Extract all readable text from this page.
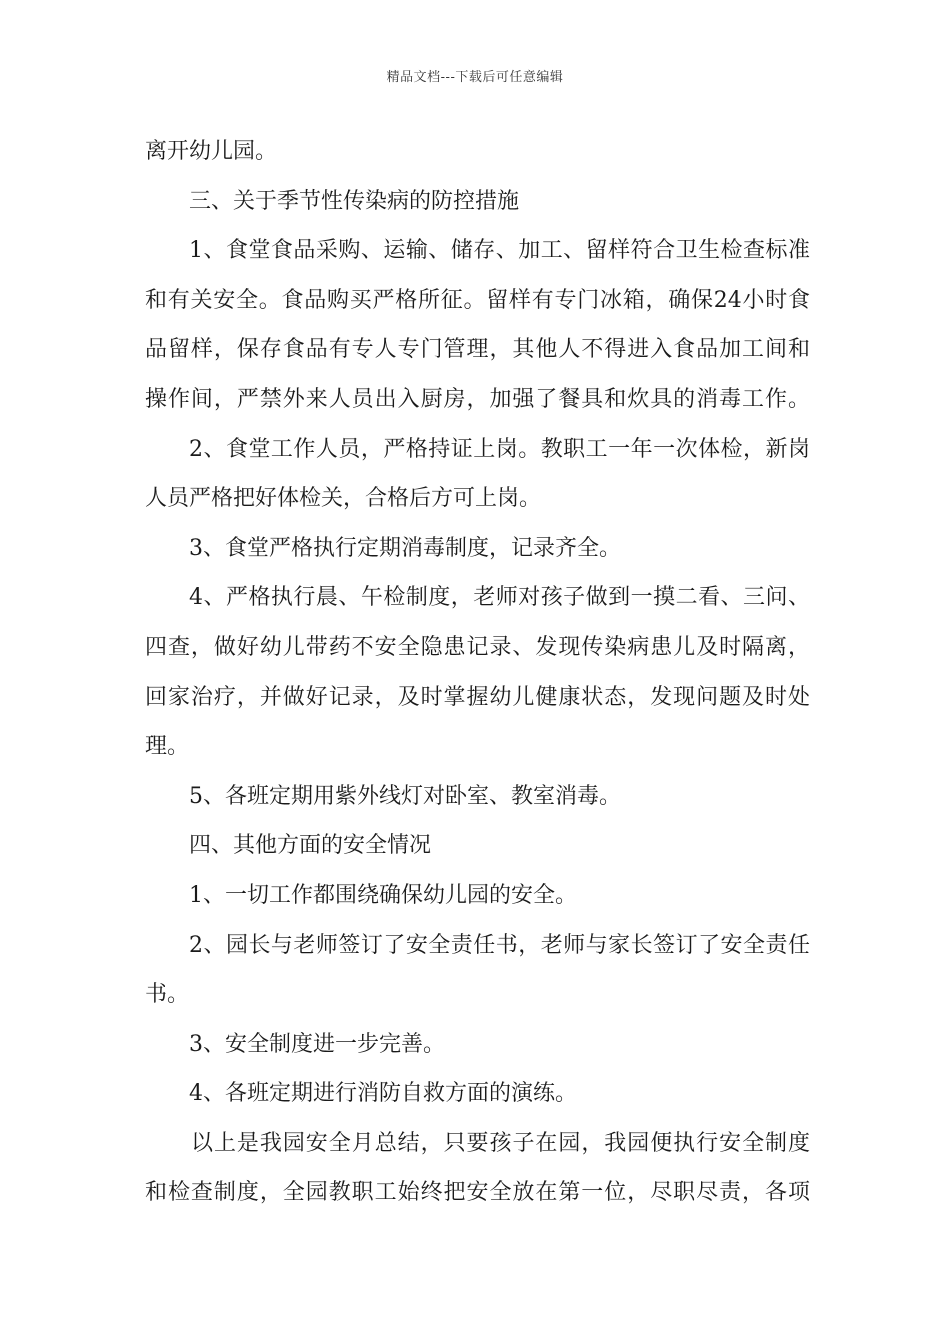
精品文档---下载后可任意编辑
离开幼儿园。
三、关于季节性传染病的防控措施
1、食堂食品采购、运输、储存、加工、留样符合卫生检查标准
和有关安全。食品购买严格所征。留样有专门冰箱，确保24小时食
品留样，保存食品有专人专门管理，其他人不得进入食品加工间和
操作间，严禁外来人员出入厨房，加强了餐具和炊具的消毒工作。
2、食堂工作人员，严格持证上岗。教职工一年一次体检，新岗
人员严格把好体检关，合格后方可上岗。
3、食堂严格执行定期消毒制度，记录齐全。
4、严格执行晨、午检制度，老师对孩子做到一摸二看、三问、
四查，做好幼儿带药不安全隐患记录、发现传染病患儿及时隔离，
回家治疗，并做好记录，及时掌握幼儿健康状态，发现问题及时处
理。
5、各班定期用紫外线灯对卧室、教室消毒。
四、其他方面的安全情况
1、一切工作都围绕确保幼儿园的安全。
2、园长与老师签订了安全责任书，老师与家长签订了安全责任
书。
3、安全制度进一步完善。
4、各班定期进行消防自救方面的演练。
以上是我园安全月总结，只要孩子在园，我园便执行安全制度
和检查制度，全园教职工始终把安全放在第一位，尽职尽责，各项
